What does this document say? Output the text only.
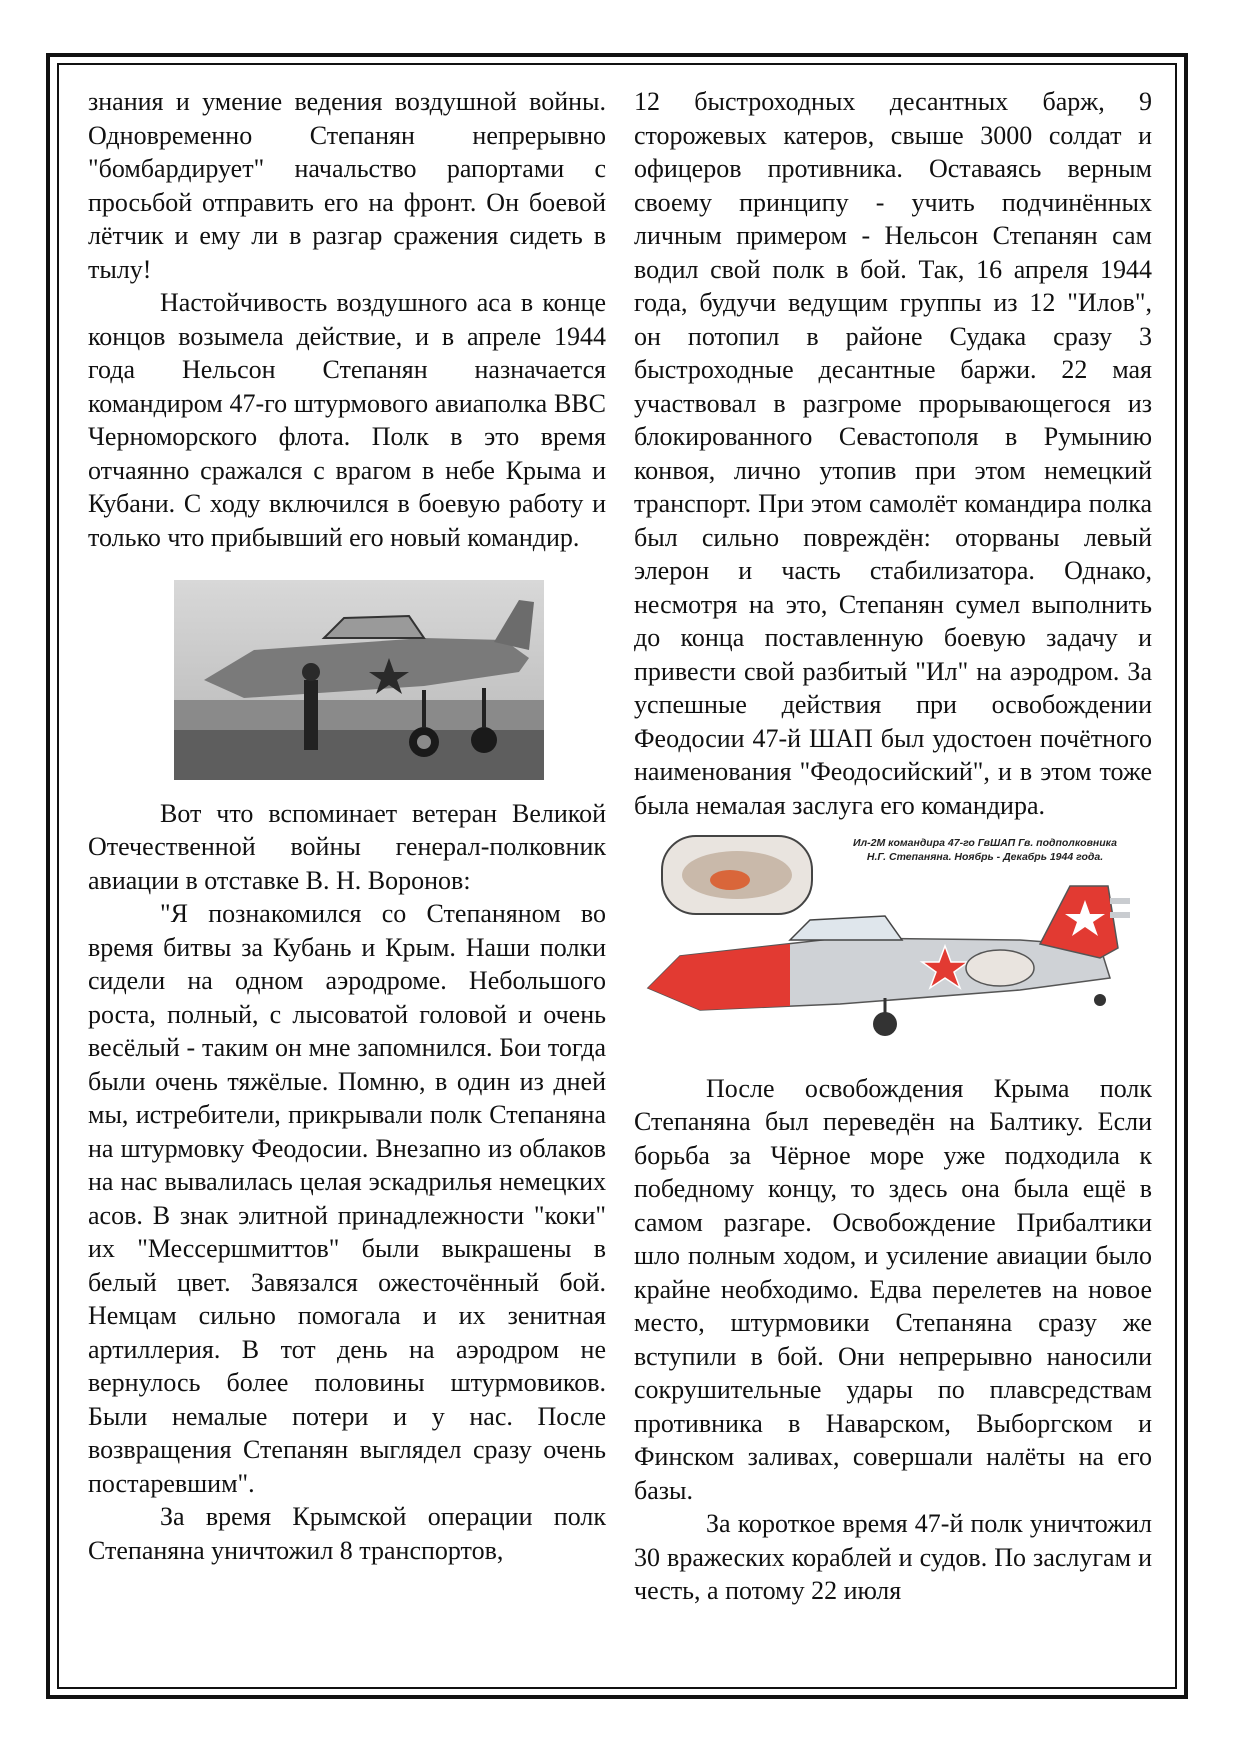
знания и умение ведения воздушной войны. Одновременно Степанян непрерывно "бомбардирует" начальство рапортами с просьбой отправить его на фронт. Он боевой лётчик и ему ли в разгар сражения сидеть в тылу!

Настойчивость воздушного аса в конце концов возымела действие, и в апреле 1944 года Нельсон Степанян назначается командиром 47-го штурмового авиаполка ВВС Черноморского флота. Полк в это время отчаянно сражался с врагом в небе Крыма и Кубани. С ходу включился в боевую работу и только что прибывший его новый командир.

Вот что вспоминает ветеран Великой Отечественной войны генерал-полковник авиации в отставке В. Н. Воронов:

"Я познакомился со Степаняном во время битвы за Кубань и Крым. Наши полки сидели на одном аэродроме. Небольшого роста, полный, с лысоватой головой и очень весёлый - таким он мне запомнился. Бои тогда были очень тяжёлые. Помню, в один из дней мы, истребители, прикрывали полк Степаняна на штурмовку Феодосии. Внезапно из облаков на нас вывалилась целая эскадрилья немецких асов. В знак элитной принадлежности "коки" их "Мессершмиттов" были выкрашены в белый цвет. Завязался ожесточённый бой. Немцам сильно помогала и их зенитная артиллерия. В тот день на аэродром не вернулось более половины штурмовиков. Были немалые потери и у нас. После возвращения Степанян выглядел сразу очень постаревшим".

За время Крымской операции полк Степаняна уничтожил 8 транспортов,

12 быстроходных десантных барж, 9 сторожевых катеров, свыше 3000 солдат и офицеров противника. Оставаясь верным своему принципу - учить подчинённых личным примером - Нельсон Степанян сам водил свой полк в бой. Так, 16 апреля 1944 года, будучи ведущим группы из 12 "Илов", он потопил в районе Судака сразу 3 быстроходные десантные баржи. 22 мая участвовал в разгроме прорывающегося из блокированного Севастополя в Румынию конвоя, лично утопив при этом немецкий транспорт. При этом самолёт командира полка был сильно повреждён: оторваны левый элерон и часть стабилизатора. Однако, несмотря на это, Степанян сумел выполнить до конца поставленную боевую задачу и привести свой разбитый "Ил" на аэродром. За успешные действия при освобождении Феодосии 47-й ШАП был удостоен почётного наименования "Феодосийский", и в этом тоже была немалая заслуга его командира.

Ил-2М командира 47-го ГвШАП Гв. подполковника
Н.Г. Степаняна. Ноябрь - Декабрь 1944 года.

После освобождения Крыма полк Степаняна был переведён на Балтику. Если борьба за Чёрное море уже подходила к победному концу, то здесь она была ещё в самом разгаре. Освобождение Прибалтики шло полным ходом, и усиление авиации было крайне необходимо. Едва перелетев на новое место, штурмовики Степаняна сразу же вступили в бой. Они непрерывно наносили сокрушительные удары по плавсредствам противника в Наварском, Выборгском и Финском заливах, совершали налёты на его базы.

За короткое время 47-й полк уничтожил 30 вражеских кораблей и судов. По заслугам и честь, а потому 22 июля
